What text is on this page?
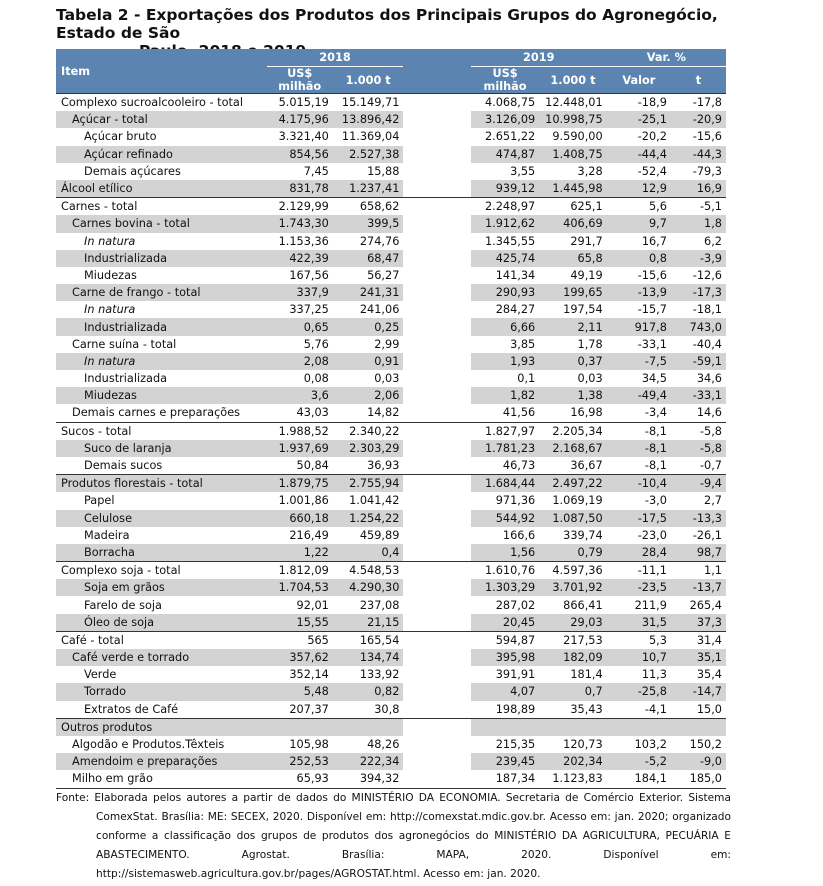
Tabela 2 - Exportações dos Produtos dos Principais Grupos do Agronegócio, Estado de São
Item	2018			2019		Var. %	
	US$ milhão	1.000 t		US$ milhão	1.000 t	Valor	t
Complexo sucroalcooleiro - total	5.015,19	15.149,71		4.068,75	12.448,01	-18,9	-17,8
Açúcar - total	4.175,96	13.896,42		3.126,09	10.998,75	-25,1	-20,9
Açúcar bruto	3.321,40	11.369,04		2.651,22	9.590,00	-20,2	-15,6
Açúcar refinado	854,56	2.527,38		474,87	1.408,75	-44,4	-44,3
Demais açúcares	7,45	15,88		3,55	3,28	-52,4	-79,3
Álcool etílico	831,78	1.237,41		939,12	1.445,98	12,9	16,9
Carnes - total	2.129,99	658,62		2.248,97	625,1	5,6	-5,1
Carnes bovina - total	1.743,30	399,5		1.912,62	406,69	9,7	1,8
In natura	1.153,36	274,76		1.345,55	291,7	16,7	6,2
Industrializada	422,39	68,47		425,74	65,8	0,8	-3,9
Miudezas	167,56	56,27		141,34	49,19	-15,6	-12,6
Carne de frango - total	337,9	241,31		290,93	199,65	-13,9	-17,3
In natura	337,25	241,06		284,27	197,54	-15,7	-18,1
Industrializada	0,65	0,25		6,66	2,11	917,8	743,0
Carne suína - total	5,76	2,99		3,85	1,78	-33,1	-40,4
In natura	2,08	0,91		1,93	0,37	-7,5	-59,1
Industrializada	0,08	0,03		0,1	0,03	34,5	34,6
Miudezas	3,6	2,06		1,82	1,38	-49,4	-33,1
Demais carnes e preparações	43,03	14,82		41,56	16,98	-3,4	14,6
Sucos - total	1.988,52	2.340,22		1.827,97	2.205,34	-8,1	-5,8
Suco de laranja	1.937,69	2.303,29		1.781,23	2.168,67	-8,1	-5,8
Demais sucos	50,84	36,93		46,73	36,67	-8,1	-0,7
Produtos florestais - total	1.879,75	2.755,94		1.684,44	2.497,22	-10,4	-9,4
Papel	1.001,86	1.041,42		971,36	1.069,19	-3,0	2,7
Celulose	660,18	1.254,22		544,92	1.087,50	-17,5	-13,3
Madeira	216,49	459,89		166,6	339,74	-23,0	-26,1
Borracha	1,22	0,4		1,56	0,79	28,4	98,7
Complexo soja - total	1.812,09	4.548,53		1.610,76	4.597,36	-11,1	1,1
Soja em grãos	1.704,53	4.290,30		1.303,29	3.701,92	-23,5	-13,7
Farelo de soja	92,01	237,08		287,02	866,41	211,9	265,4
Óleo de soja	15,55	21,15		20,45	29,03	31,5	37,3
Café - total	565	165,54		594,87	217,53	5,3	31,4
Café verde e torrado	357,62	134,74		395,98	182,09	10,7	35,1
Verde	352,14	133,92		391,91	181,4	11,3	35,4
Torrado	5,48	0,82		4,07	0,7	-25,8	-14,7
Extratos de Café	207,37	30,8		198,89	35,43	-4,1	15,0
Outros produtos							
Algodão e Produtos.Têxteis	105,98	48,26		215,35	120,73	103,2	150,2
Amendoim e preparações	252,53	222,34		239,45	202,34	-5,2	-9,0
Milho em grão	65,93	394,32		187,34	1.123,83	184,1	185,0
Fonte: Elaborada pelos autores a partir de dados do MINISTÉRIO DA ECONOMIA. Secretaria de Comércio Exterior. Sistema ComexStat. Brasília: ME: SECEX, 2020. Disponível em: http://comexstat.mdic.gov.br. Acesso em: jan. 2020; organizado conforme a classificação dos grupos de produtos dos agronegócios do MINISTÉRIO DA AGRICULTURA, PECUÁRIA E ABASTECIMENTO. Agrostat. Brasília: MAPA, 2020. Disponível em: http://sistemasweb.agricultura.gov.br/pages/AGROSTAT.html. Acesso em: jan. 2020.
